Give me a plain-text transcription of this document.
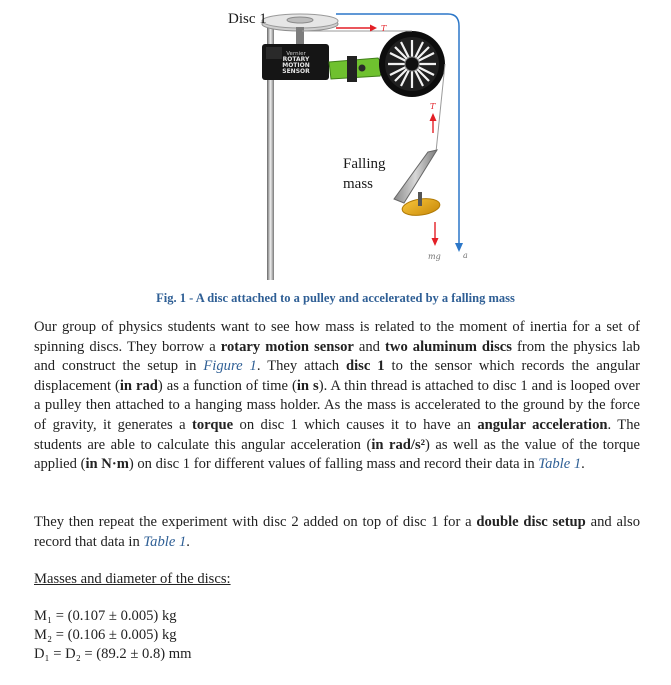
Vernier
ROTARY
MOTION
SENSOR
T
T
a
mg
Disc 1
Falling
mass
Fig. 1 - A disc attached to a pulley and accelerated by a falling mass
Our group of physics students want to see how mass is related to the moment of inertia for a set of spinning discs. They borrow a rotary motion sensor and two aluminum discs from the physics lab and construct the setup in Figure 1. They attach disc 1 to the sensor which records the angular displacement (in rad) as a function of time (in s). A thin thread is attached to disc 1 and is looped over a pulley then attached to a hanging mass holder. As the mass is accelerated to the ground by the force of gravity, it generates a torque on disc 1 which causes it to have an angular acceleration. The students are able to calculate this angular acceleration (in rad/s²) as well as the value of the torque applied (in N·m) on disc 1 for different values of falling mass and record their data in Table 1.
They then repeat the experiment with disc 2 added on top of disc 1 for a double disc setup and also record that data in Table 1.
Masses and diameter of the discs:
M₁ = (0.107 ± 0.005) kg
M₂ = (0.106 ± 0.005) kg
D₁ = D₂ = (89.2 ± 0.8) mm
